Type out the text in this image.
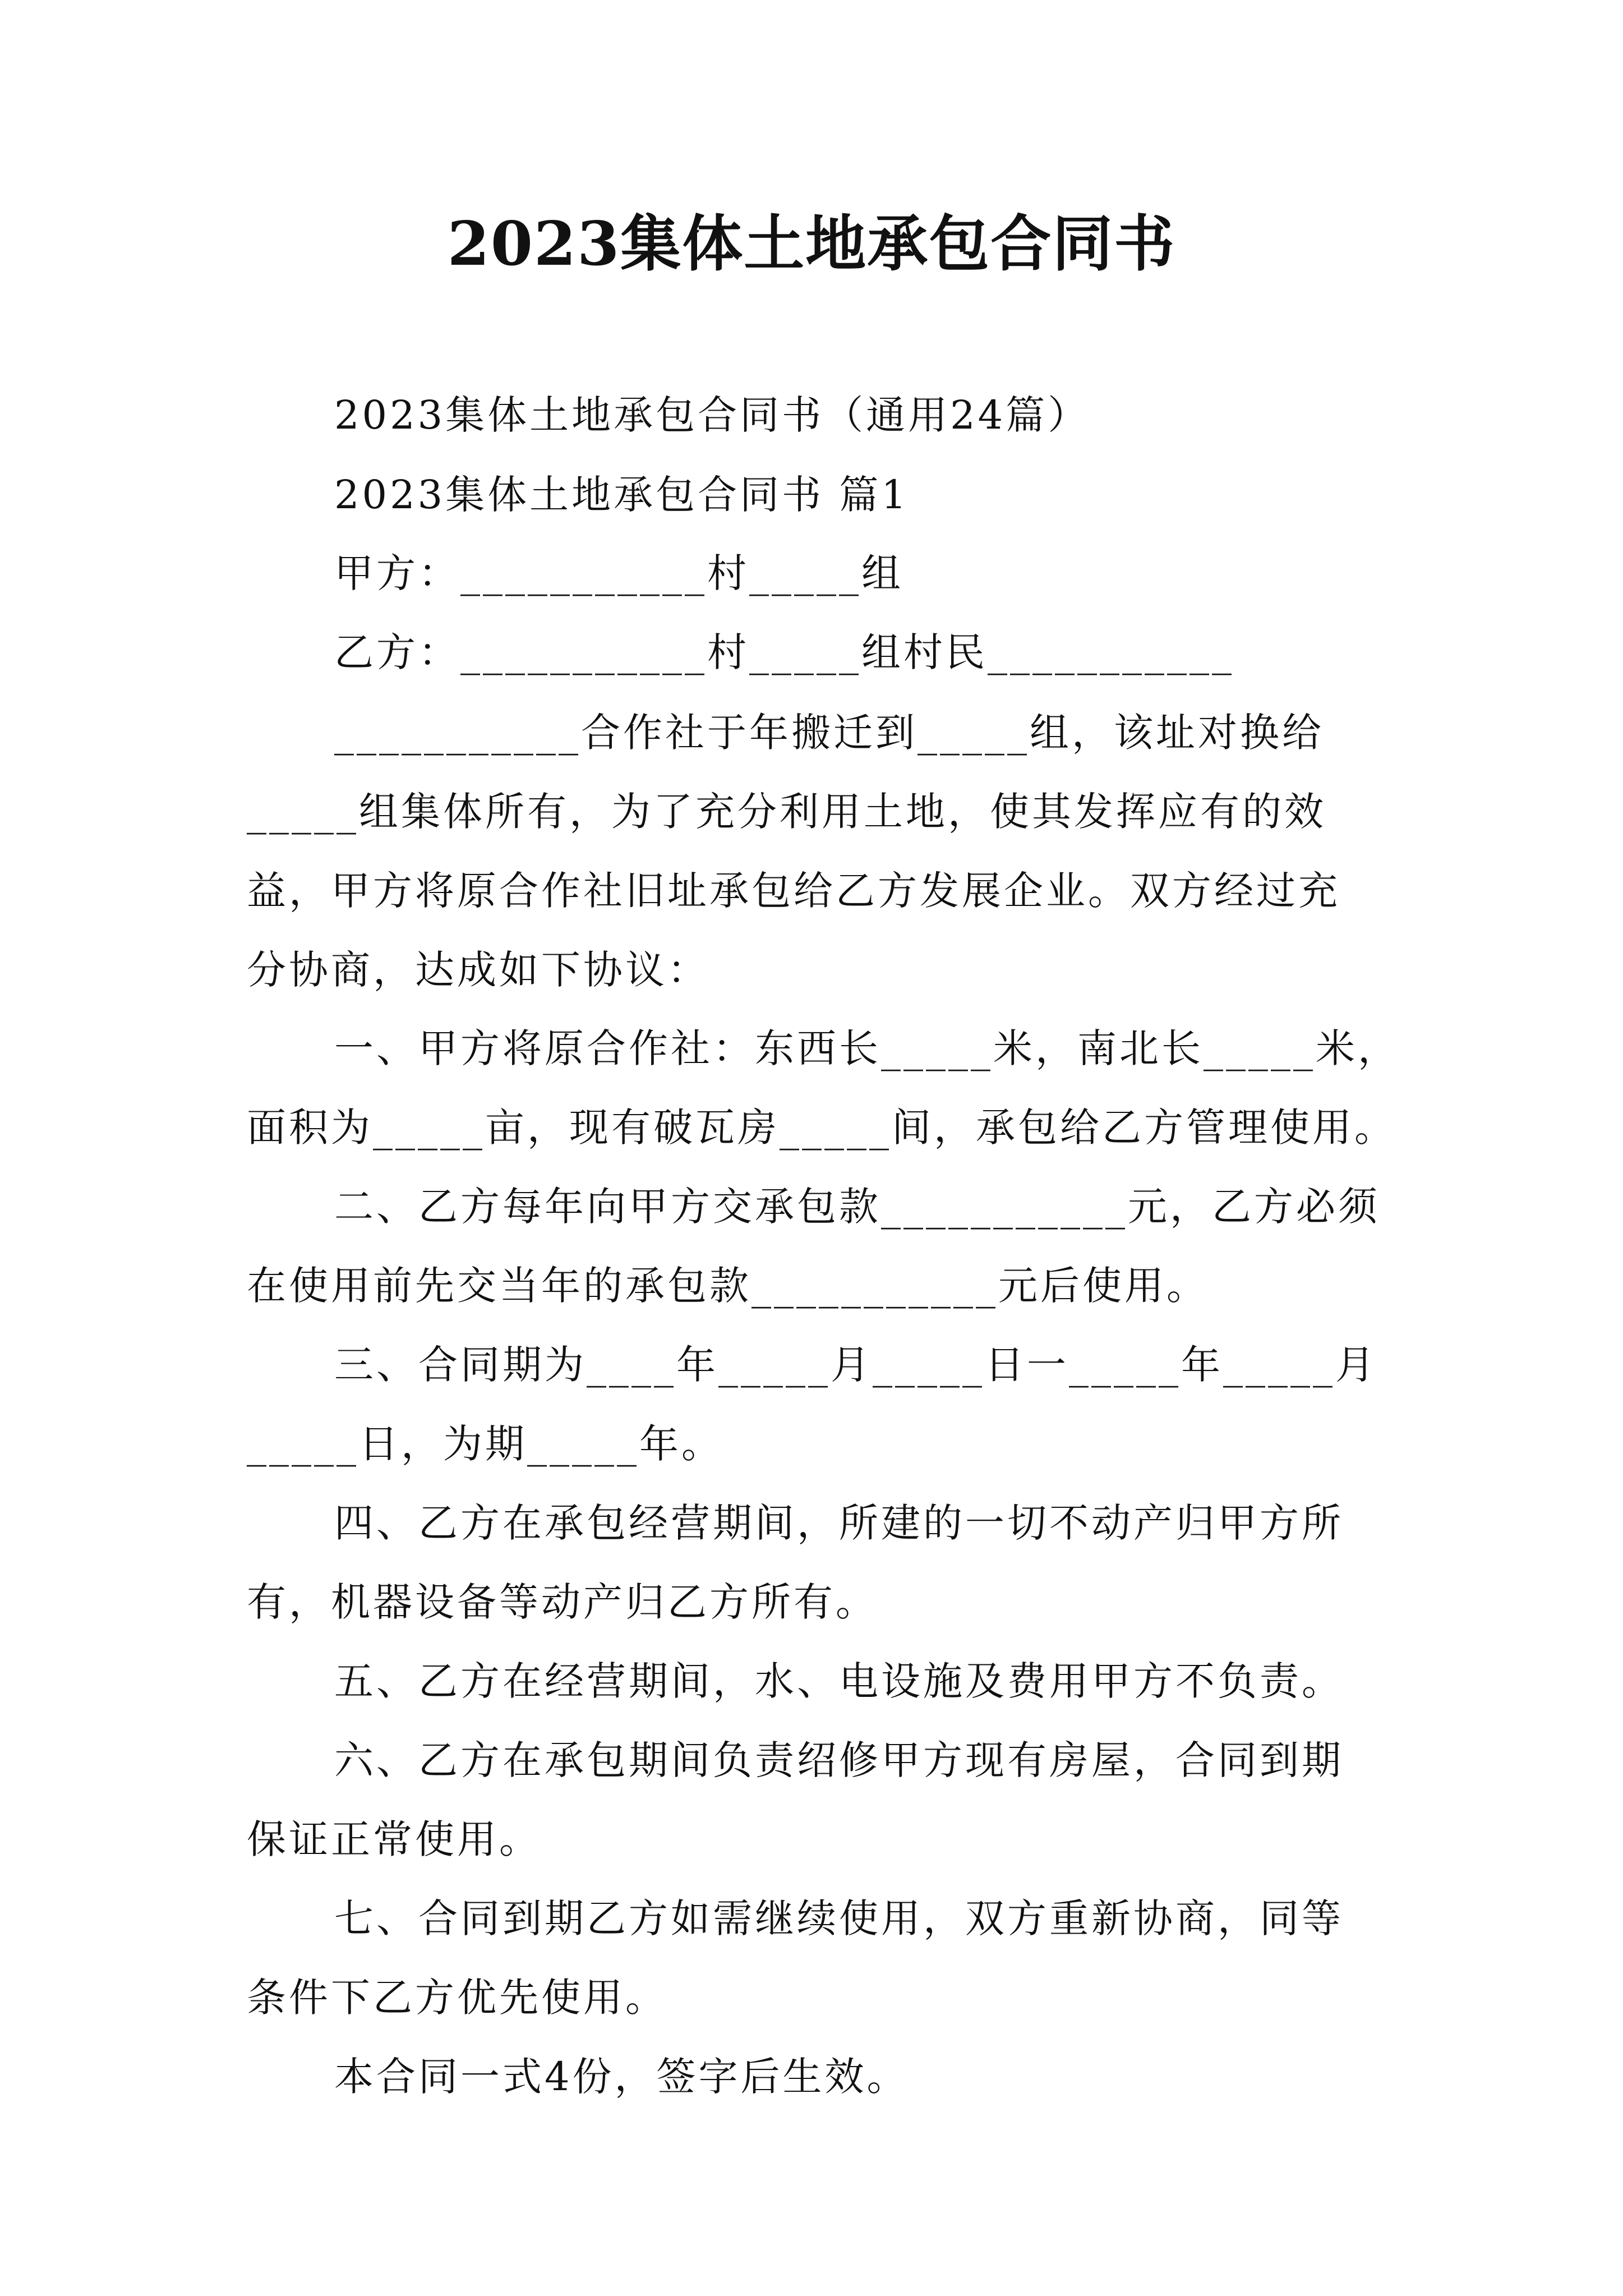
2023集体土地承包合同书
2023集体土地承包合同书（通用24篇）
2023集体土地承包合同书 篇1
甲方：___________村_____组
乙方：___________村_____组村民___________
___________合作社于年搬迁到_____组，该址对换给
_____组集体所有，为了充分利用土地，使其发挥应有的效
益，甲方将原合作社旧址承包给乙方发展企业。双方经过充
分协商，达成如下协议：
一、甲方将原合作社：东西长_____米，南北长_____米，
面积为_____亩，现有破瓦房_____间，承包给乙方管理使用。
二、乙方每年向甲方交承包款___________元，乙方必须
在使用前先交当年的承包款___________元后使用。
三、合同期为____年_____月_____日一_____年_____月
_____日，为期_____年。
四、乙方在承包经营期间，所建的一切不动产归甲方所
有，机器设备等动产归乙方所有。
五、乙方在经营期间，水、电设施及费用甲方不负责。
六、乙方在承包期间负责绍修甲方现有房屋，合同到期
保证正常使用。
七、合同到期乙方如需继续使用，双方重新协商，同等
条件下乙方优先使用。
本合同一式4份，签字后生效。
